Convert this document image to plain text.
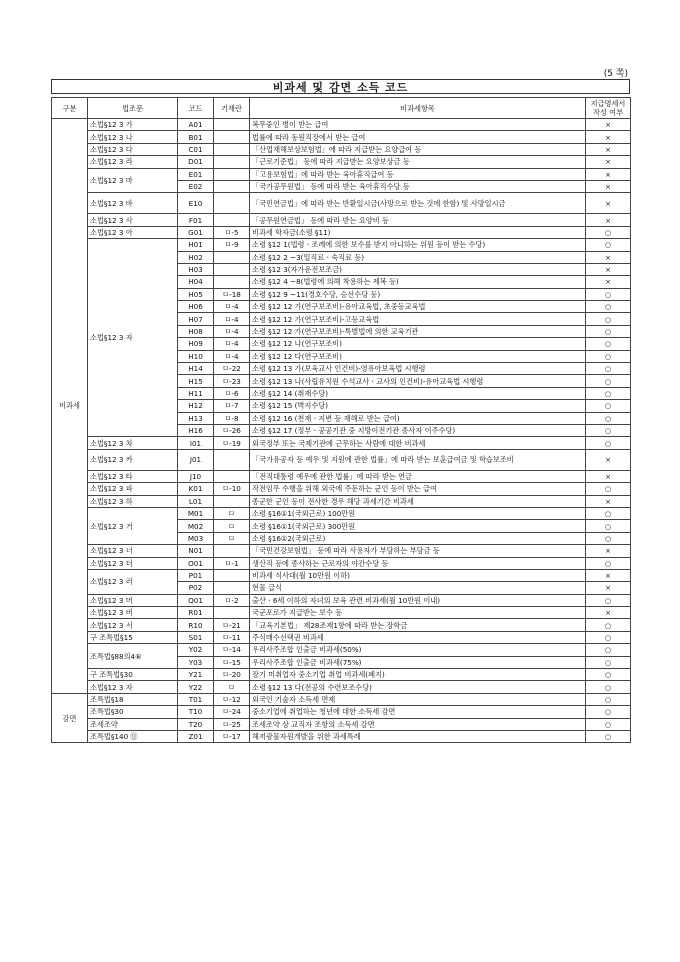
(5 쪽)
비과세 및 감면 소득 코드
구분	법조문	코드	기재란	비과세항목	지급명세서
작성 여부
비과세	소법§12 3 가	A01		복무중인 병이 받는 급여	×
	소법§12 3 나	B01		법률에 따라 동원직장에서 받는 급여	×
	소법§12 3 다	C01		「산업재해보상보험법」에 따라 지급받는 요양급여 등	×
	소법§12 3 라	D01		「근로기준법」 등에 따라 지급받는 요양보상금 등	×
	소법§12 3 마	E01		「고용보험법」에 따라 받는 육아휴직급여 등	×
		E02		「국가공무원법」 등에 따라 받는 육아휴직수당 등	×
	소법§12 3 바	E10		「국민연금법」에 따라 받는 반환일시금(사망으로 받는 것에 한함) 및 사망일시금	×
	소법§12 3 사	F01		「공무원연금법」 등에 따라 받는 요양비 등	×
	소법§12 3 아	G01	ㅁ-5	비과세 학자금(소령 §11)	○
	소법§12 3 자	H01	ㅁ-9	소령 §12 1(법령ㆍ조례에 의한 보수를 받지 아니하는 위원 등이 받는 수당)	○
		H02		소령 §12 2 ~3(일직료ㆍ숙직료 등)	×
		H03		소령 §12 3(자가운전보조금)	×
		H04		소령 §12 4 ~8(법령에 의해 착용하는 제복 등)	×
		H05	ㅁ-18	소령 §12 9 ~11(경호수당, 승선수당 등)	○
		H06	ㅁ-4	소령 §12 12 가(연구보조비)-유아교육법, 초중등교육법	○
		H07	ㅁ-4	소령 §12 12 가(연구보조비)-고등교육법	○
		H08	ㅁ-4	소령 §12 12 가(연구보조비)-특별법에 의한 교육기관	○
		H09	ㅁ-4	소령 §12 12 나(연구보조비)	○
		H10	ㅁ-4	소령 §12 12 다(연구보조비)	○
		H14	ㅁ-22	소령 §12 13 가(보육교사 인건비)-영유아보육법 시행령	○
		H15	ㅁ-23	소령 §12 13 나(사립유치원 수석교사ㆍ교사의 인건비)-유아교육법 시행령	○
		H11	ㅁ-6	소령 §12 14 (취재수당)	○
		H12	ㅁ-7	소령 §12 15 (벽지수당)	○
		H13	ㅁ-8	소령 §12 16 (천재ㆍ지변 등 재해로 받는 급여)	○
		H16	ㅁ-26	소령 §12 17 (정부ㆍ공공기관 중 지방이전기관 종사자 이주수당)	○
	소법§12 3 차	I01	ㅁ-19	외국정부 또는 국제기관에 근무하는 사람에 대한 비과세	○
	소법§12 3 카	J01		「국가유공자 등 예우 및 지원에 관한 법률」에 따라 받는 보훈급여금 및 학습보조비	×
	소법§12 3 타	J10		「전직대통령 예우에 관한 법률」에 따라 받는 연금	×
	소법§12 3 파	K01	ㅁ-10	작전임무 수행을 위해 외국에 주둔하는 군인 등이 받는 급여	○
	소법§12 3 하	L01		종군한 군인 등이 전사한 경우 해당 과세기간 비과세	×
	소법§12 3 거	M01	ㅁ	소령 §16①1(국외근로) 100만원	○
		M02	ㅁ	소령 §16①1(국외근로) 300만원	○
		M03	ㅁ	소령 §16①2(국외근로)	○
	소법§12 3 너	N01		「국민건강보험법」 등에 따라 사용자가 부담하는 부담금 등	×
	소법§12 3 더	O01	ㅁ-1	생산직 등에 종사하는 근로자의 야간수당 등	○
	소법§12 3 러	P01		비과세 식사대(월 10만원 이하)	×
		P02		현물 급식	×
	소법§12 3 머	Q01	ㅁ-2	출산ㆍ6세 이하의 자녀의 보육 관련 비과세(월 10만원 이내)	○
	소법§12 3 버	R01		국군포로가 지급받는 보수 등	×
	소법§12 3 서	R10	ㅁ-21	「교육기본법」 제28조제1항에 따라 받는 장학금	○
	구 조특법§15	S01	ㅁ-11	주식매수선택권 비과세	○
	조특법§88의4⑥	Y02	ㅁ-14	우리사주조합 인출금 비과세(50%)	○
		Y03	ㅁ-15	우리사주조합 인출금 비과세(75%)	○
	구 조특법§30	Y21	ㅁ-20	장기 미취업자 중소기업 취업 비과세(폐지)	○
	소법§12 3 자	Y22	ㅁ	소령 §12 13 다(전공의 수련보조수당)	○
감면	조특법§18	T01	ㅁ-12	외국인 기술자 소득세 면제	○
	조특법§30	T10	ㅁ-24	중소기업에 취업하는 청년에 대한 소득세 감면	○
	조세조약	T20	ㅁ-25	조세조약 상 교직자 조항의 소득세 감면	○
	조특법§140 ⑪	Z01	ㅁ-17	해저광물자원개발을 위한 과세특례	○
